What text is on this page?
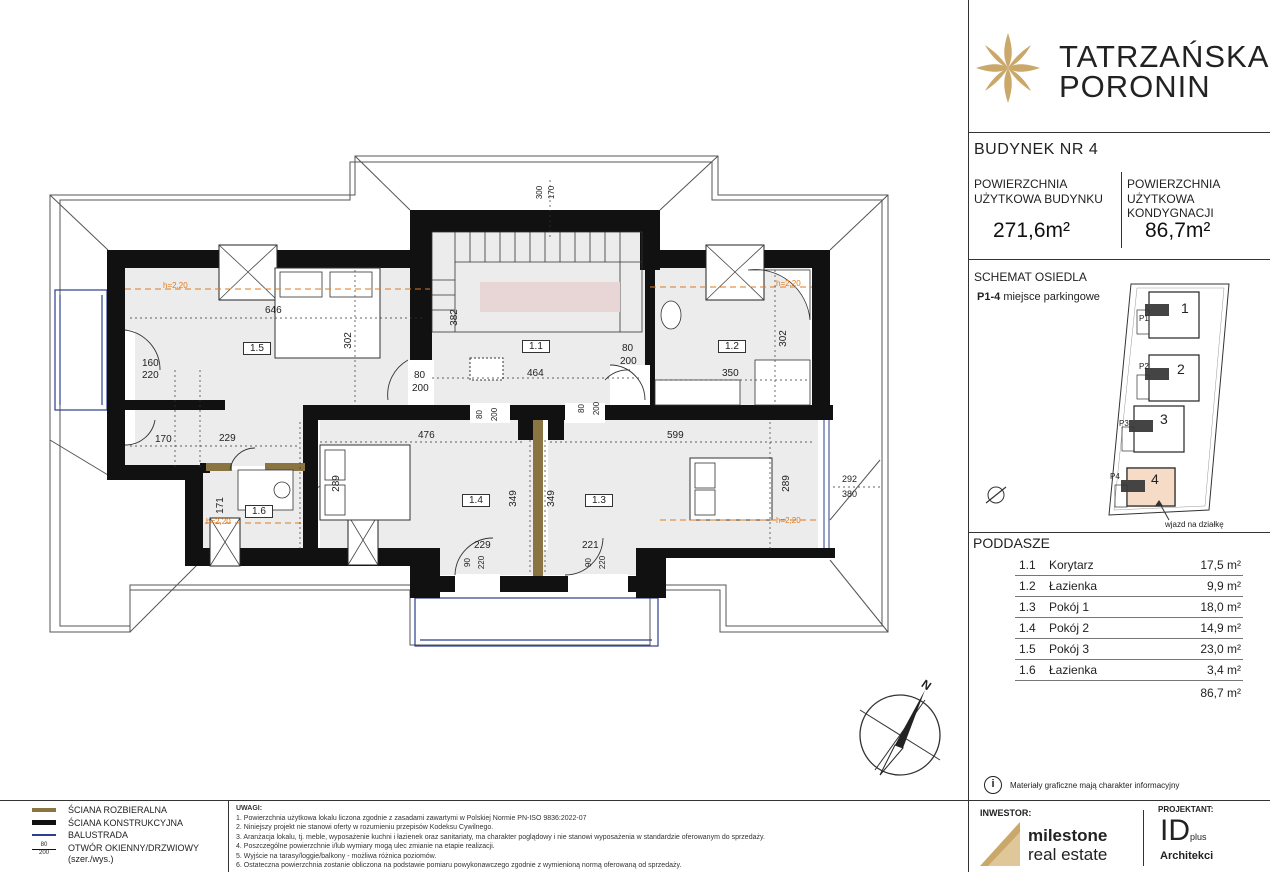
1.1	1.2
1.3
1.4
1.5
1.6
h=2,20	h=2,20
h=2,20	h=2,20
646
302
160
220
170	229
171
80
200
382
464
80
200
350
302
300 170
476	599
289	289
349	349
80 200	80 200
229
90 220
221
90 220
292
380
N
TATRZAŃSKA
PORONIN
BUDYNEK NR 4
POWIERZCHNIA
UŻYTKOWA BUDYNKU
271,6m²
POWIERZCHNIA
UŻYTKOWA KONDYGNACJI
86,7m²
SCHEMAT OSIEDLA
P1-4 miejsce parkingowe
1
2
3
4
P1
P2
P3
P4
wjazd na działkę
PODDASZE
1.1 Korytarz	17,5 m²
1.2 Łazienka	9,9 m²
1.3 Pokój 1	18,0 m²
1.4 Pokój 2	14,9 m²
1.5 Pokój 3	23,0 m²
1.6 Łazienka	3,4 m²
86,7 m²
i	Materiały graficzne mają charakter informacyjny
ŚCIANA ROZBIERALNA
ŚCIANA KONSTRUKCYJNA
BALUSTRADA
80
200	OTWÓR OKIENNY/DRZWIOWY
(szer./wys.)
UWAGI:
1. Powierzchnia użytkowa lokalu liczona zgodnie z zasadami zawartymi w Polskiej Normie PN-ISO 9836:2022-07
2. Niniejszy projekt nie stanowi oferty w rozumieniu przepisów Kodeksu Cywilnego.
3. Aranżacja lokalu, tj. meble, wyposażenie kuchni i łazienek oraz sanitariaty, ma charakter poglądowy i nie stanowi wyposażenia w standardzie oferowanym do sprzedaży.
4. Poszczególne powierzchnie i/lub wymiary mogą ulec zmianie na etapie realizacji.
5. Wyjście na tarasy/loggie/balkony - możliwa różnica poziomów.
6. Ostateczna powierzchnia zostanie obliczona na podstawie pomiaru powykonawczego zgodnie z wymienioną normą oferowaną od sprzedaży.
INWESTOR:
milestone
real estate
PROJEKTANT:
IDplus
Architekci
